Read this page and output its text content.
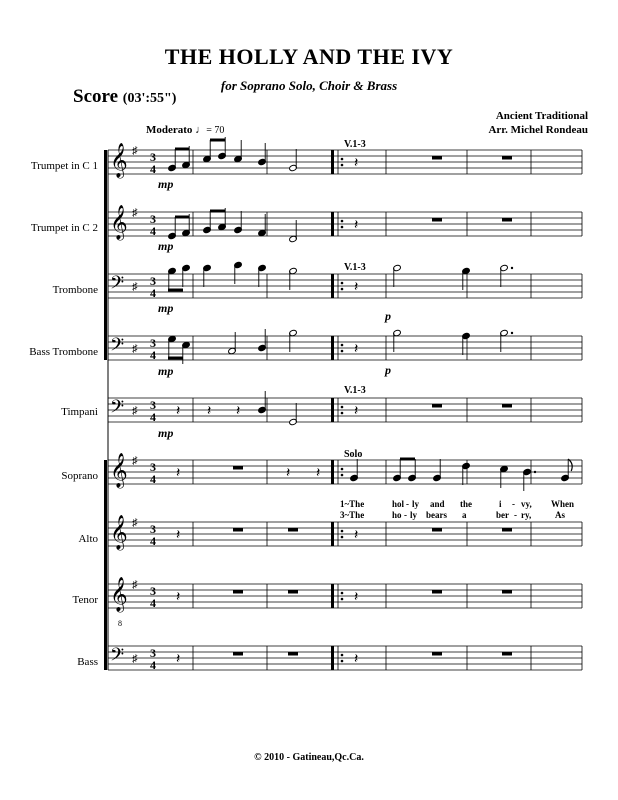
THE HOLLY AND THE IVY
for Soprano Solo, Choir & Brass
Score (03':55")
Ancient Traditional
Arr. Michel Rondeau
Moderato ♩= 70
Trumpet in C 1
Trumpet in C 2
Trombone
Bass Trombone
Timpani
Soprano
Alto
Tenor
Bass
𝄞 ♯ 3
4
𝄞 ♯ 3
4
𝄢 ♯ 3
4
𝄢 ♯ 3
4
𝄢 ♯ 3
4
𝄞 ♯ 3
4
𝄞 ♯ 3
4
𝄞
8
♯ 3
4
𝄢 ♯ 3
4
𝄽
𝄽
𝄽
𝄽
𝄽 𝄽 𝄽	𝄽
𝄽	𝄽 𝄽
𝄽	𝄽
𝄽	𝄽
𝄽	𝄽
V.1-3
V.1-3
V.1-3
Solo
mp
mp
mp
mp
mp
p
p
1~The	hol - ly and the	i - vy, When
3~The	ho - ly bears a	ber - ry,	As
© 2010 - Gatineau,Qc.Ca.
